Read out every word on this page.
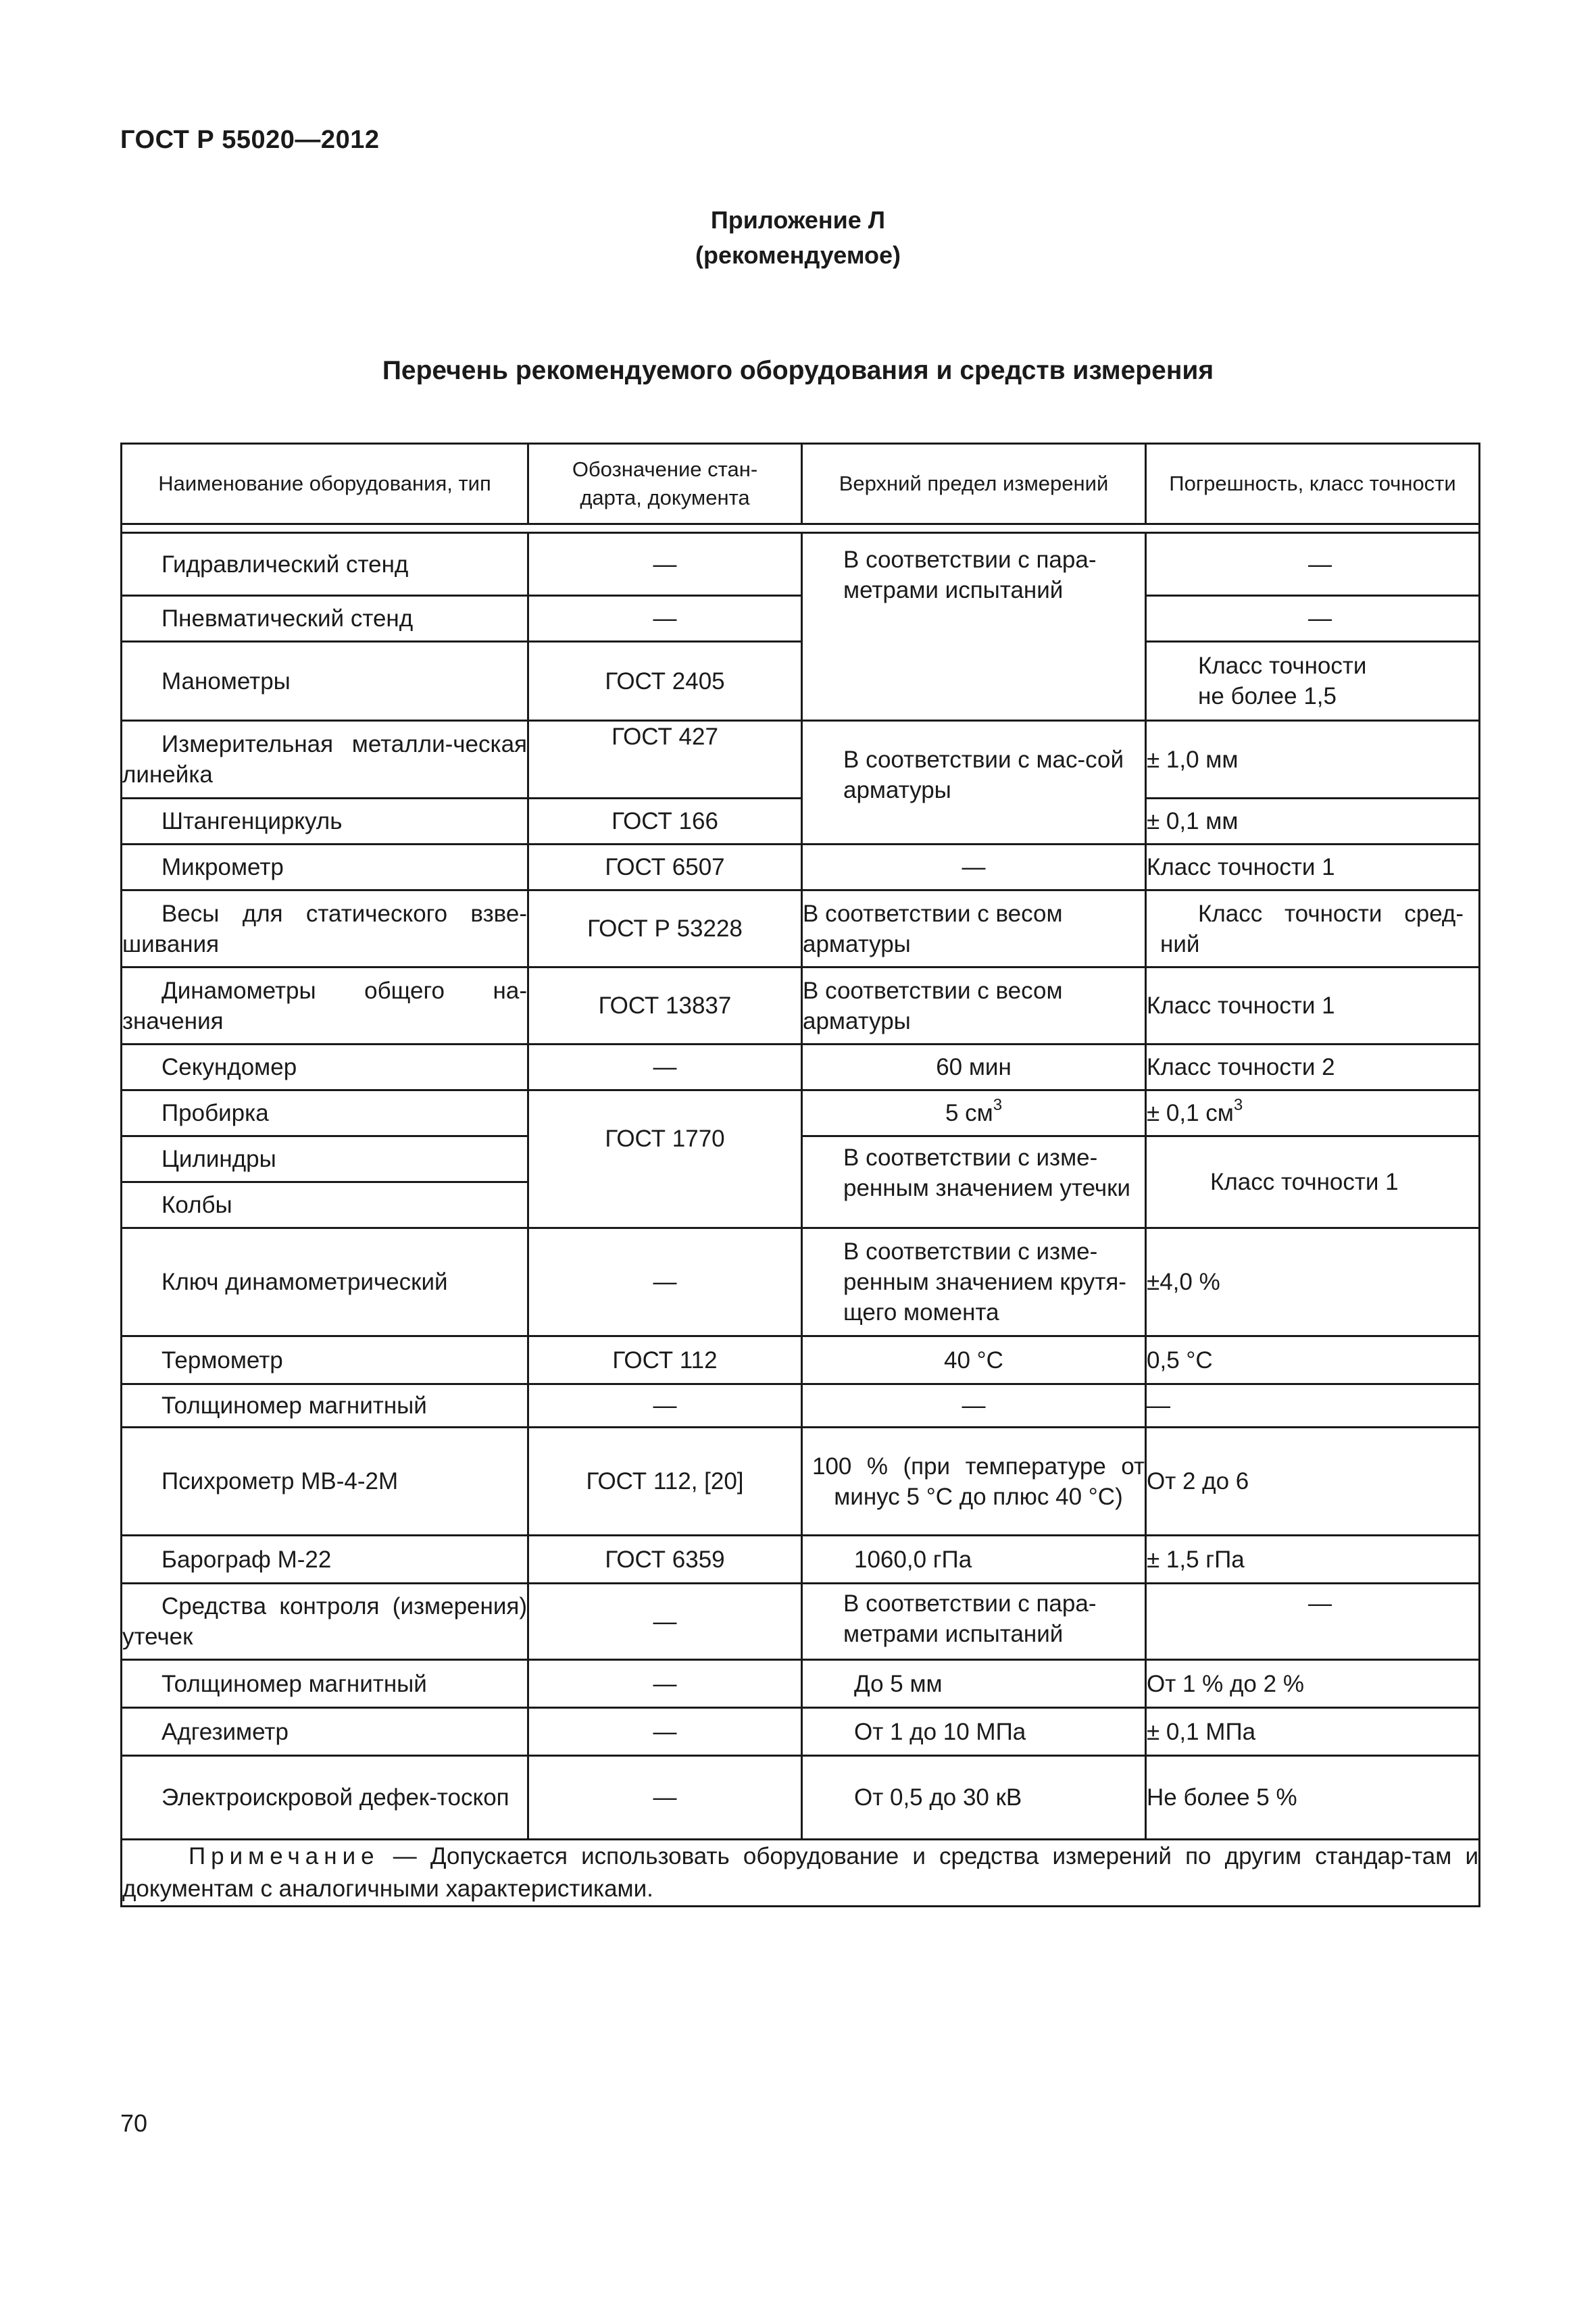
ГОСТ Р 55020—2012
Приложение Л
(рекомендуемое)
Перечень рекомендуемого оборудования и средств измерения
Наименование оборудования, тип	Обозначение стан-дарта, документа	Верхний предел измерений	Погрешность, класс точности

Гидравлический стенд	—	В соответствии с пара-метрами испытаний	—
Пневматический стенд	—		—
Манометры	ГОСТ 2405		Класс точности не более 1,5
Измерительная металли-ческая линейка	ГОСТ 427	В соответствии с мас-сой арматуры	± 1,0 мм
Штангенциркуль	ГОСТ 166		± 0,1 мм
Микрометр	ГОСТ 6507	—	Класс точности 1
Весы для статического взве-шивания	ГОСТ Р 53228	В соответствии с весом арматуры	Класс точности сред-ний
Динамометры общего на-значения	ГОСТ 13837	В соответствии с весом арматуры	Класс точности 1
Секундомер	—	60 мин	Класс точности 2
Пробирка	ГОСТ 1770	5 $см^3$	± 0,1 $см^3$
Цилиндры		В соответствии с изме-ренным значением утечки	Класс точности 1
Колбы			
Ключ динамометрический	—	В соответствии с изме-ренным значением крутя-щего момента	±4,0 %
Термометр	ГОСТ 112	40 °C	0,5 °C
Толщиномер магнитный	—	—	—
Психрометр МВ-4-2М	ГОСТ 112, [20]	100 % (при температуре от минус 5 °C до плюс 40 °C)	От 2 до 6
Барограф М-22	ГОСТ 6359	1060,0 гПа	± 1,5 гПа
Средства контроля (измерения) утечек	—	В соответствии с пара-метрами испытаний	—
Толщиномер магнитный	—	До 5 мм	От 1 % до 2 %
Адгезиметр	—	От 1 до 10 МПа	± 0,1 МПа
Электроискровой дефек-тоскоп	—	От 0,5 до 30 кВ	Не более 5 %
Примечание — Допускается использовать оборудование и средства измерений по другим стандар-там и документам с аналогичными характеристиками.			
70
